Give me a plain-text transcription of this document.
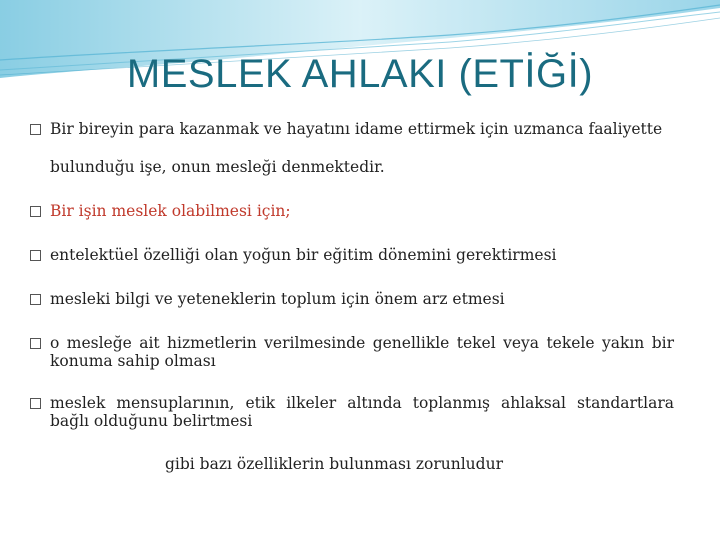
MESLEK AHLAKI (ETİĞİ)
Bir bireyin para kazanmak ve hayatını idame ettirmek için uzmanca faaliyette
bulunduğu işe, onun mesleği denmektedir.
Bir işin meslek olabilmesi için;
entelektüel özelliği olan yoğun bir eğitim dönemini gerektirmesi
mesleki bilgi ve yeteneklerin toplum için önem arz etmesi
o mesleğe ait hizmetlerin verilmesinde genellikle tekel veya tekele yakın bir
konuma sahip olması
meslek mensuplarının, etik ilkeler altında toplanmış ahlaksal standartlara
bağlı olduğunu belirtmesi
gibi bazı özelliklerin bulunması zorunludur
